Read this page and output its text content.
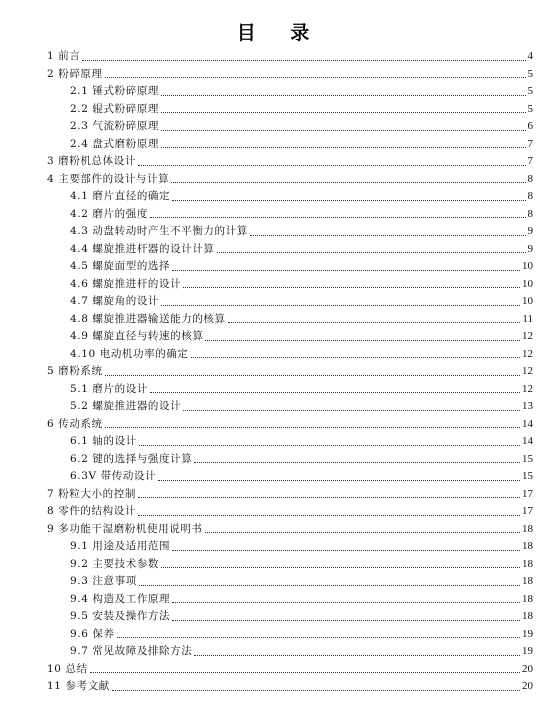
目 录
1 前言	4
2 粉碎原理	5
2.1 锤式粉碎原理	5
2.2 辊式粉碎原理	5
2.3 气流粉碎原理	6
2.4 盘式磨粉原理	7
3 磨粉机总体设计	7
4 主要部件的设计与计算	8
4.1 磨片直径的确定	8
4.2 磨片的强度	8
4.3 动盘转动时产生不平衡力的计算	9
4.4 螺旋推进杆器的设计计算	9
4.5 螺旋面型的选择	10
4.6 螺旋推进杆的设计	10
4.7 螺旋角的设计	10
4.8 螺旋推进器输送能力的核算	11
4.9 螺旋直径与转速的核算	12
4.10 电动机功率的确定	12
5 磨粉系统	12
5.1 磨片的设计	12
5.2 螺旋推进器的设计	13
6 传动系统	14
6.1 轴的设计	14
6.2 键的选择与强度计算	15
6.3V 带传动设计	15
7 粉粒大小的控制	17
8 零件的结构设计	17
9 多功能干湿磨粉机使用说明书	18
9.1 用途及适用范围	18
9.2 主要技术参数	18
9.3 注意事项	18
9.4 构造及工作原理	18
9.5 安装及操作方法	18
9.6 保养	19
9.7 常见故障及排除方法	19
10 总结	20
11 参考文献	20
